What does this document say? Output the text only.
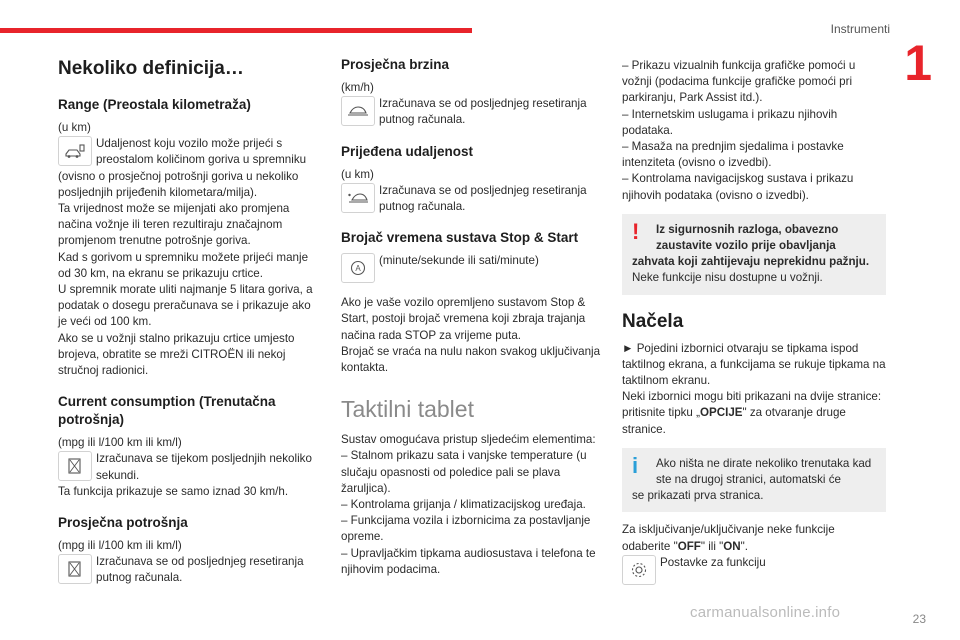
Instrumenti
1
Nekoliko definicija…
Range (Preostala kilometraža)
(u km)
Udaljenost koju vozilo može prijeći s preostalom količinom goriva u spremniku
(ovisno o prosječnoj potrošnji goriva u nekoliko posljednjih prijeđenih kilometara/milja).
Ta vrijednost može se mijenjati ako promjena načina vožnje ili teren rezultiraju značajnom promjenom trenutne potrošnje goriva.
Kad s gorivom u spremniku možete prijeći manje od 30 km, na ekranu se prikazuju crtice.
U spremnik morate uliti najmanje 5 litara goriva, a podatak o dosegu preračunava se i prikazuje ako je veći od 100 km.
Ako se u vožnji stalno prikazuju crtice umjesto brojeva, obratite se mreži CITROËN ili nekoj stručnoj radionici.
Current consumption (Trenutačna potrošnja)
(mpg ili l/100 km ili km/l)
Izračunava se tijekom posljednjih nekoliko sekundi.
Ta funkcija prikazuje se samo iznad 30 km/h.
Prosječna potrošnja
(mpg ili l/100 km ili km/l)
Izračunava se od posljednjeg resetiranja putnog računala.
Prosječna brzina
(km/h)
Izračunava se od posljednjeg resetiranja putnog računala.
Prijeđena udaljenost
(u km)
Izračunava se od posljednjeg resetiranja putnog računala.
Brojač vremena sustava Stop & Start
A
(minute/sekunde ili sati/minute)
Ako je vaše vozilo opremljeno sustavom Stop & Start, postoji brojač vremena koji zbraja trajanja načina rada STOP za vrijeme puta.
Brojač se vraća na nulu nakon svakog uključivanja kontakta.
Taktilni tablet
Sustav omogućava pristup sljedećim elementima:
– Stalnom prikazu sata i vanjske temperature (u slučaju opasnosti od poledice pali se plava žaruljica).
– Kontrolama grijanja / klimatizacijskog uređaja.
– Funkcijama vozila i izbornicima za postavljanje opreme.
– Upravljačkim tipkama audiosustava i telefona te njihovim podacima.
– Prikazu vizualnih funkcija grafičke pomoći u vožnji (podacima funkcije grafičke pomoći pri parkiranju, Park Assist itd.).
– Internetskim uslugama i prikazu njihovih podataka.
– Masaža na prednjim sjedalima i postavke intenziteta (ovisno o izvedbi).
– Kontrolama navigacijskog sustava i prikazu njihovih podataka (ovisno o izvedbi).
!	Iz sigurnosnih razloga, obavezno zaustavite vozilo prije obavljanja
zahvata koji zahtijevaju neprekidnu pažnju.
Neke funkcije nisu dostupne u vožnji.
Načela
► Pojedini izbornici otvaraju se tipkama ispod taktilnog ekrana, a funkcijama se rukuje tipkama na taktilnom ekranu.
Neki izbornici mogu biti prikazani na dvije stranice: pritisnite tipku „OPCIJE" za otvaranje druge stranice.
i	Ako ništa ne dirate nekoliko trenutaka kad ste na drugoj stranici, automatski će
se prikazati prva stranica.
Za isključivanje/uključivanje neke funkcije odaberite "OFF" ili "ON".
Postavke za funkciju
carmanualsonline.info	23
